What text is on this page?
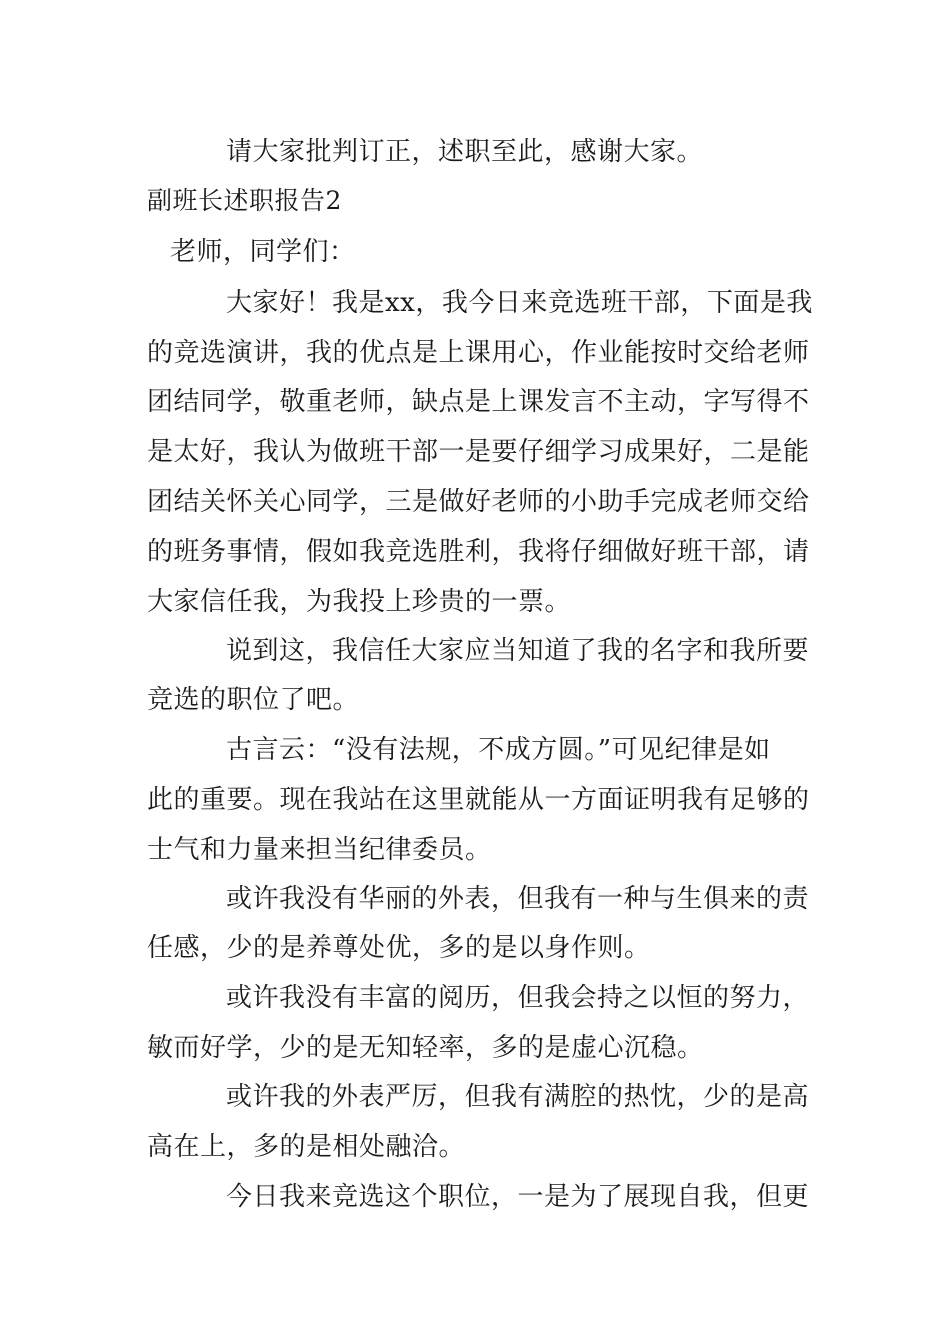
请大家批判订正，述职至此，感谢大家。
副班长述职报告2
老师，同学们：
大家好！我是xx，我今日来竞选班干部，下面是我
的竞选演讲，我的优点是上课用心，作业能按时交给老师
团结同学，敬重老师，缺点是上课发言不主动，字写得不
是太好，我认为做班干部一是要仔细学习成果好，二是能
团结关怀关心同学，三是做好老师的小助手完成老师交给
的班务事情，假如我竞选胜利，我将仔细做好班干部，请
大家信任我，为我投上珍贵的一票。
说到这，我信任大家应当知道了我的名字和我所要
竞选的职位了吧。
古言云：“没有法规，不成方圆。”可见纪律是如
此的重要。现在我站在这里就能从一方面证明我有足够的
士气和力量来担当纪律委员。
或许我没有华丽的外表，但我有一种与生俱来的责
任感，少的是养尊处优，多的是以身作则。
或许我没有丰富的阅历，但我会持之以恒的努力，
敏而好学，少的是无知轻率，多的是虚心沉稳。
或许我的外表严厉，但我有满腔的热忱，少的是高
高在上，多的是相处融洽。
今日我来竞选这个职位，一是为了展现自我，但更
